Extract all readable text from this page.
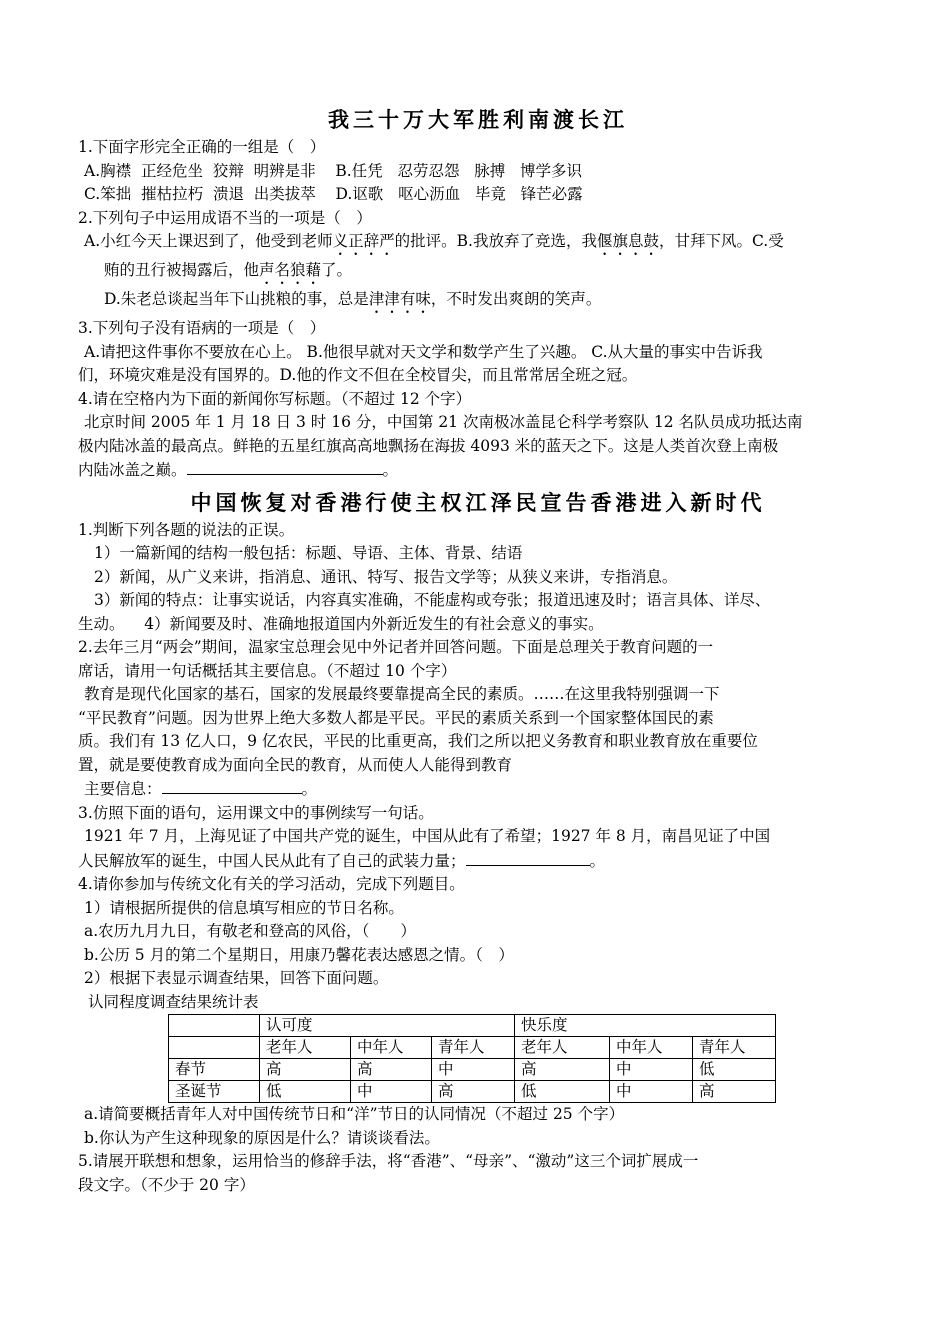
我三十万大军胜利南渡长江
1.下面字形完全正确的一组是（　）
A.胸襟  正经危坐  狡辩  明辨是非    B.任凭   忍劳忍怨   脉搏   博学多识
C.笨拙  摧枯拉朽  溃退  出类拔萃    D.讴歌   呕心沥血   毕竟   锋芒必露
2.下列句子中运用成语不当的一项是（　）
A.小红今天上课迟到了，他受到老师义正辞严的批评。B.我放弃了竞选，我偃旗息鼓，甘拜下风。C.受
贿的丑行被揭露后，他声名狼藉了。
D.朱老总谈起当年下山挑粮的事，总是津津有味，不时发出爽朗的笑声。
3.下列句子没有语病的一项是（　）
A.请把这件事你不要放在心上。 B.他很早就对天文学和数学产生了兴趣。 C.从大量的事实中告诉我
们，环境灾难是没有国界的。D.他的作文不但在全校冒尖，而且常常居全班之冠。
4.请在空格内为下面的新闻你写标题。（不超过 12 个字）
北京时间 2005 年 1 月 18 日 3 时 16 分，中国第 21 次南极冰盖昆仑科学考察队 12 名队员成功抵达南
极内陆冰盖的最高点。鲜艳的五星红旗高高地飘扬在海拔 4093 米的蓝天之下。这是人类首次登上南极
内陆冰盖之巅。	。
中国恢复对香港行使主权江泽民宣告香港进入新时代
1.判断下列各题的说法的正误。
1）一篇新闻的结构一般包括：标题、导语、主体、背景、结语
2）新闻，从广义来讲，指消息、通讯、特写、报告文学等；从狭义来讲，专指消息。
3）新闻的特点：让事实说话，内容真实准确，不能虚构或夸张；报道迅速及时；语言具体、详尽、
生动。    4）新闻要及时、准确地报道国内外新近发生的有社会意义的事实。
2.去年三月“两会”期间，温家宝总理会见中外记者并回答问题。下面是总理关于教育问题的一
席话，请用一句话概括其主要信息。（不超过 10 个字）
教育是现代化国家的基石，国家的发展最终要靠提高全民的素质。……在这里我特别强调一下
“平民教育”问题。因为世界上绝大多数人都是平民。平民的素质关系到一个国家整体国民的素
质。我们有 13 亿人口，9 亿农民，平民的比重更高，我们之所以把义务教育和职业教育放在重要位
置，就是要使教育成为面向全民的教育，从而使人人能得到教育
主要信息：	。
3.仿照下面的语句，运用课文中的事例续写一句话。
1921 年 7 月，上海见证了中国共产党的诞生，中国从此有了希望；1927 年 8 月，南昌见证了中国
人民解放军的诞生，中国人民从此有了自己的武装力量；	。
4.请你参加与传统文化有关的学习活动，完成下列题目。
1）请根据所提供的信息填写相应的节日名称。
a.农历九月九日，有敬老和登高的风俗，（　　）
b.公历 5 月的第二个星期日，用康乃馨花表达感恩之情。（　）
2）根据下表显示调查结果，回答下面问题。
认同程度调查结果统计表
	认可度			快乐度		
	老年人	中年人	青年人	老年人	中年人	青年人
春节	高	高	中	高	中	低
圣诞节	低	中	高	低	中	高
a.请简要概括青年人对中国传统节日和“洋”节日的认同情况（不超过 25 个字）
b.你认为产生这种现象的原因是什么？请谈谈看法。
5.请展开联想和想象，运用恰当的修辞手法，将“香港”、“母亲”、“激动”这三个词扩展成一
段文字。（不少于 20 字）
